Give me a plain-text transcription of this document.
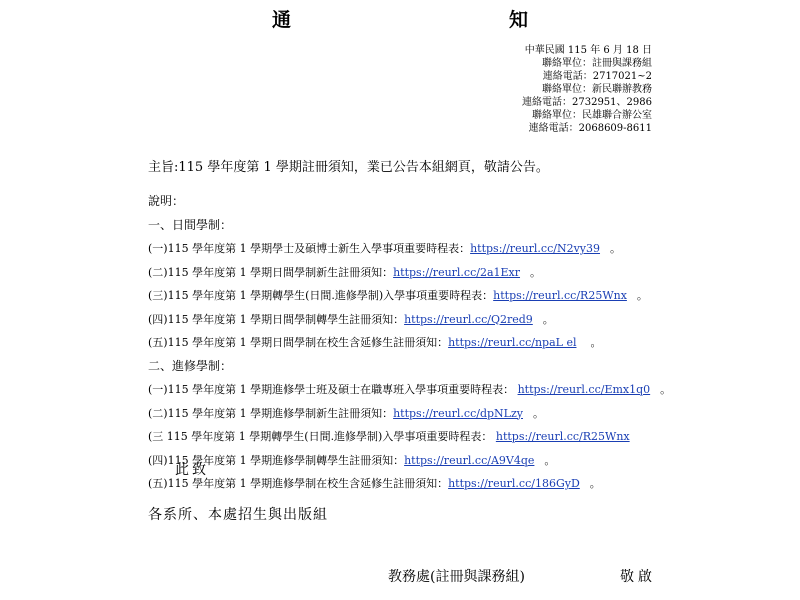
通　　知
中華民國 115 年 6 月 18 日
聯絡單位：註冊與課務組
連絡電話：2717021~2
聯絡單位：新民聯辦教務
連絡電話：2732951、2986
聯絡單位：民雄聯合辦公室
連絡電話：2068609-8611
主旨:115 學年度第 1 學期註冊須知，業已公告本組網頁，敬請公告。
說明：
一、日間學制：
(一)115 學年度第 1 學期學士及碩博士新生入學事項重要時程表：https://reurl.cc/N2vy39 。
(二)115 學年度第 1 學期日間學制新生註冊須知：https://reurl.cc/2a1Exr 。
(三)115 學年度第 1 學期轉學生(日間.進修學制)入學事項重要時程表：https://reurl.cc/R25Wnx 。
(四)115 學年度第 1 學期日間學制轉學生註冊須知：https://reurl.cc/Q2red9 。
(五)115 學年度第 1 學期日間學制在校生含延修生註冊須知：https://reurl.cc/npaL el 。
二、進修學制：
(一)115 學年度第 1 學期進修學士班及碩士在職專班入學事項重要時程表： https://reurl.cc/Emx1q0 。
(二)115 學年度第 1 學期進修學制新生註冊須知：https://reurl.cc/dpNLzy 。
(三 115 學年度第 1 學期轉學生(日間.進修學制)入學事項重要時程表： https://reurl.cc/R25Wnx
(四)115 學年度第 1 學期進修學制轉學生註冊須知：https://reurl.cc/A9V4qe 。
(五)115 學年度第 1 學期進修學制在校生含延修生註冊須知：https://reurl.cc/186GyD 。
此致
各系所、本處招生與出版組
教務處(註冊與課務組)	敬啟
